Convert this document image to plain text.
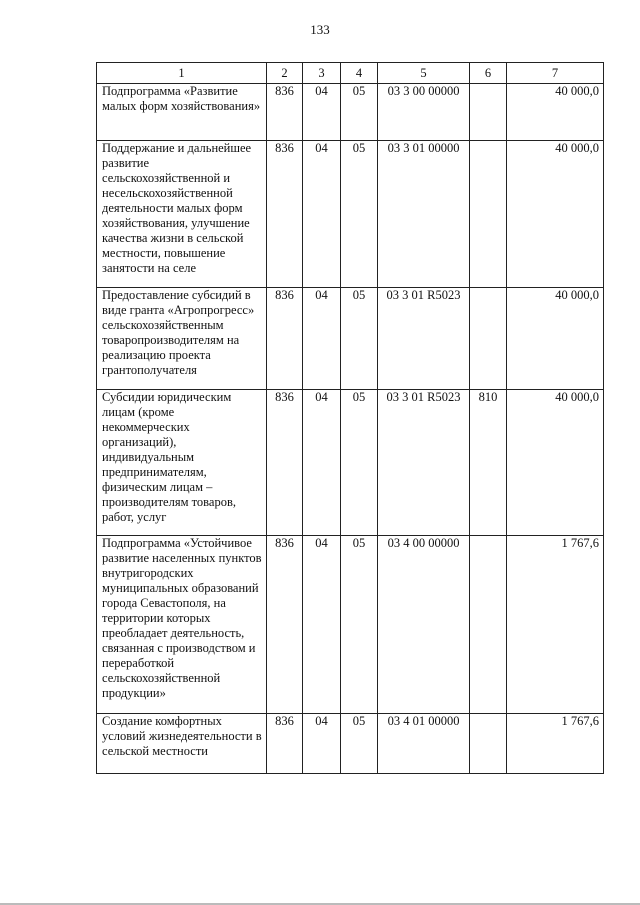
133
1	2	3	4	5	6	7
Подпрограмма «Развитие малых форм хозяйствования»	836	04	05	03 3 00 00000		40 000,0
Поддержание и дальнейшее развитие сельскохозяйственной и несельскохозяйственной деятельности малых форм хозяйствования, улучшение качества жизни в сельской местности, повышение занятости на селе	836	04	05	03 3 01 00000		40 000,0
Предоставление субсидий в виде гранта «Агропрогресс» сельскохозяйственным товаропроизводителям на реализацию проекта грантополучателя	836	04	05	03 3 01 R5023		40 000,0
Субсидии юридическим лицам (кроме некоммерческих организаций), индивидуальным предпринимателям, физическим лицам – производителям товаров, работ, услуг	836	04	05	03 3 01 R5023	810	40 000,0
Подпрограмма «Устойчивое развитие населенных пунктов внутригородских муниципальных образований города Севастополя, на территории которых преобладает деятельность, связанная с производством и переработкой сельскохозяйственной продукции»	836	04	05	03 4 00 00000		1 767,6
Создание комфортных условий жизнедеятельности в сельской местности	836	04	05	03 4 01 00000		1 767,6
